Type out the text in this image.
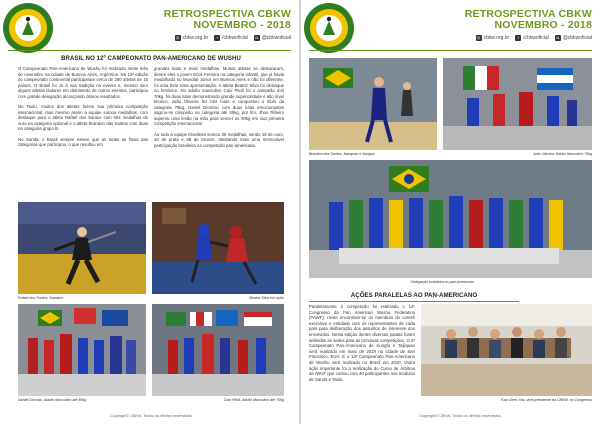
RETROSPECTIVA CBKW
NOVEMBRO - 2018
◎ cbkw.org.br	f /cbkwoficial	◘ @cbkwoficial
BRASIL NO 12º CAMPEONATO PAN-AMERICANO DE WUSHU

O Campeonato Pan-Americano de Wushu foi realizado neste mês de novembro na cidade de Buenos Aires, Argentina. Na 12ª edição do campeonato continental participaram cerca de 280 atletas de 15 países. O Brasil foi Jú à sua tradição no evento e, mesmo sem alguns atletas titulares em detrimento de outros eventos, participou com grande delegação alcançando ótimos resultados.

No Taolu, muitos dos atletas fazem sua primeira competição internacional, mas mesmo assim a equipe somou medalhas, com destaque para o atleta Rafael dos Santos com três medalhas de ouro na categoria optional e o atleta Brandon das Santos com duas na categoria grupo B.

No Sanda, o Brasil sempre esteve que as todas as finais das categorias que participou, o que resultou em

grandes lutas e mais medalhas. Muitos atletas se destacaram, dentre eles o jovem Erick Ferreira na categoria Infantil, que já havia medalhado no Mundial Junior em Buenos Aires e não foi diferente, foi uma bela sima apresentação. A atleta Beatriz Silva foi destaque no feminino. No adulto masculino Caio Pitoli foi o campeão dos 70kg, foi duas lutas demonstrando grande superioridade e alto nível técnico, João Oliveira fez três lutas e conquistou o título da categoria 75kg, Daniel Dionísio com duas lutas emocionantes sagrou-se campeão na categoria até 85kg, por fim, Jhon Ribeiro superou uma lesão na mão para vencer os 90kg em sua primeira competição internacional.

Ao todo a equipe brasileira somou 36 medalhas, sendo 18 de ouro, 10 de prata e 08 de bronze, atestando mais uma memorável participação brasileira na competição pan-americana.

Rafael dos Santos, Nanadro	Beatriz Silva em ação
Daniel Dionísio, Adulto Masculino até 85kg	Caio Pitoli, Adulto Masculino até 70kg
Copyright© CBKW. Todos os direitos reservados
RETROSPECTIVA CBKW
NOVEMBRO - 2018
◎ cbkw.org.br	f /cbkwoficial	◘ @cbkwoficial
Brandon dos Santos, Nanquan e Nangun	João Oliveira, Adulto Masculino 75kg
Delegação brasileira no pan-americano
AÇÕES PARALELAS AO PAN-AMERICANO
Paralelamente à competição foi realizado o 12º Congresso da Pan American Wushu Federation (PAWF), neste encontram-se os membros do comitê executivo e entidade com os representantes de cada país para deliberação dos assuntos de interesse dos envolvidos. Nesta edição dentre diversas pautas foram definidas as sedes para as próximas competições. O 3º Campeonato Pan-Americano de Kungfu e Taijiquan será realizado em maio de 2019 na cidade de San Francisco, EUA. E o 13º Campeonato Pan-Americano de Wushu será realizado no Brasil em 2020. Outra ação importante foi a realização do Curso de Árbitros da IWUF que contou com 40 participantes nos módulos de Sanda e Taolu.
Kao Chen-Yau, vice-presidente da CBKW, no Congresso
Copyright© CBKW. Todos os direitos reservados
